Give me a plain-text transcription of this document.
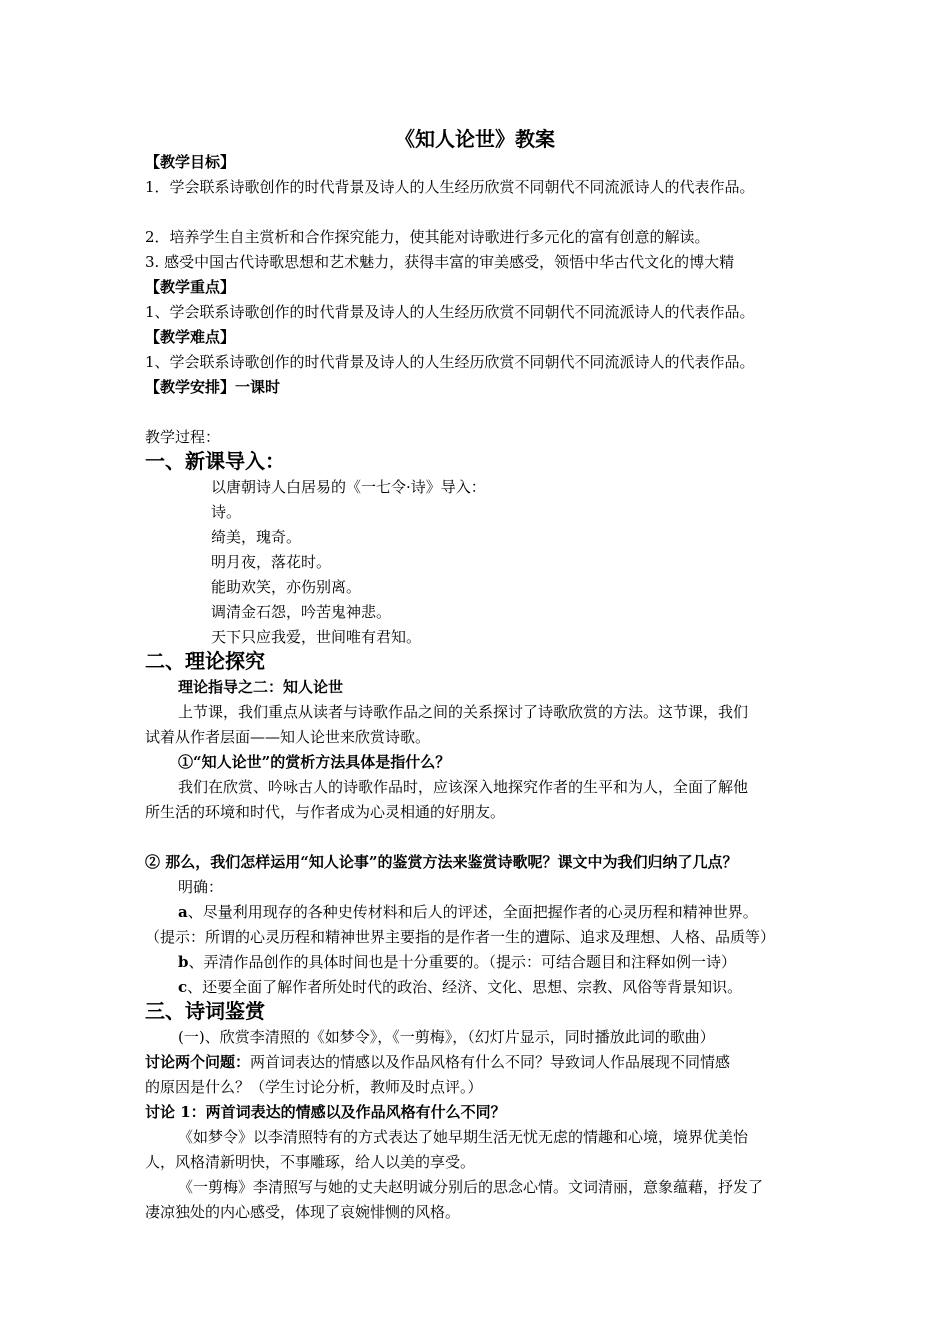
《知人论世》教案
【教学目标】
1．学会联系诗歌创作的时代背景及诗人的人生经历欣赏不同朝代不同流派诗人的代表作品。
2．培养学生自主赏析和合作探究能力，使其能对诗歌进行多元化的富有创意的解读。
3. 感受中国古代诗歌思想和艺术魅力，获得丰富的审美感受，领悟中华古代文化的博大精
【教学重点】
1、学会联系诗歌创作的时代背景及诗人的人生经历欣赏不同朝代不同流派诗人的代表作品。
【教学难点】
1、学会联系诗歌创作的时代背景及诗人的人生经历欣赏不同朝代不同流派诗人的代表作品。
【教学安排】一课时
教学过程：
一、新课导入：
以唐朝诗人白居易的《一七令·诗》导入：
诗。
绮美，瑰奇。
明月夜，落花时。
能助欢笑，亦伤别离。
调清金石怨，吟苦鬼神悲。
天下只应我爱，世间唯有君知。
二、理论探究
理论指导之二：知人论世
上节课，我们重点从读者与诗歌作品之间的关系探讨了诗歌欣赏的方法。这节课，我们
试着从作者层面——知人论世来欣赏诗歌。
①“知人论世”的赏析方法具体是指什么？
我们在欣赏、吟咏古人的诗歌作品时，应该深入地探究作者的生平和为人，全面了解他
所生活的环境和时代，与作者成为心灵相通的好朋友。
② 那么，我们怎样运用“知人论事”的鉴赏方法来鉴赏诗歌呢？课文中为我们归纳了几点？
明确：
a、尽量利用现存的各种史传材料和后人的评述，全面把握作者的心灵历程和精神世界。
（提示：所谓的心灵历程和精神世界主要指的是作者一生的遭际、追求及理想、人格、品质等）
b、弄清作品创作的具体时间也是十分重要的。（提示：可结合题目和注释如例一诗）
c、还要全面了解作者所处时代的政治、经济、文化、思想、宗教、风俗等背景知识。
三、诗词鉴赏
(一)、欣赏李清照的《如梦令》，《一剪梅》，（幻灯片显示，同时播放此词的歌曲）
讨论两个问题：两首词表达的情感以及作品风格有什么不同？导致词人作品展现不同情感
的原因是什么？（学生讨论分析，教师及时点评。）
讨论 1：两首词表达的情感以及作品风格有什么不同？
《如梦令》以李清照特有的方式表达了她早期生活无忧无虑的情趣和心境，境界优美怡
人，风格清新明快，不事雕琢，给人以美的享受。
《一剪梅》李清照写与她的丈夫赵明诚分别后的思念心情。文词清丽，意象蕴藉，抒发了
凄凉独处的内心感受，体现了哀婉悱恻的风格。
